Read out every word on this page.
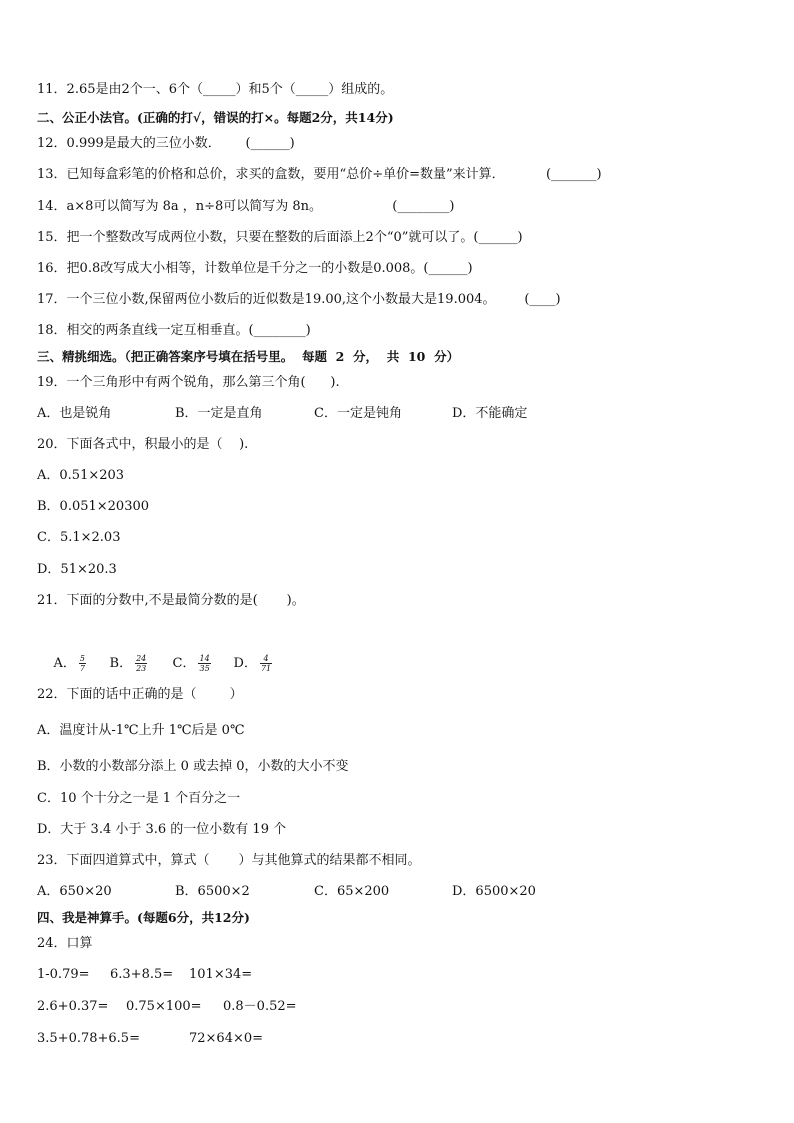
11．2.65是由2个一、6个（_____）和5个（_____）组成的。
二、公正小法官。(正确的打√，错误的打×。每题2分，共14分)
12．0.999是最大的三位小数．      (______)
13．已知每盒彩笔的价格和总价，求买的盒数，要用“总价÷单价=数量”来计算．          (_______)
14．a×8可以简写为 8a ，n÷8可以简写为 8n。                 (________)
15．把一个整数改写成两位小数，只要在整数的后面添上2个“0”就可以了。(______)
16．把0.8改写成大小相等，计数单位是千分之一的小数是0.008。(______)
17．一个三位小数,保留两位小数后的近似数是19.00,这个小数最大是19.004。       (____)
18．相交的两条直线一定互相垂直。(________)
三、精挑细选。（把正确答案序号填在括号里。  每题  2  分，  共  10  分）
19．一个三角形中有两个锐角，那么第三个角(      ).
A．也是锐角	B．一定是直角	C．一定是钝角	D．不能确定
20．下面各式中，积最小的是（    ).
A．0.51×203
B．0.051×20300
C．5.1×2.03
D．51×20.3
21．下面的分数中,不是最简分数的是(       )。

A． $\frac{5}{7}$

	B． $\frac{24}{23}$

	C． $\frac{14}{35}$

	D． $\frac{4}{71}$

22．下面的话中正确的是（        ）
A．温度计从-1℃上升 1℃后是 0℃
B．小数的小数部分添上 0 或去掉 0，小数的大小不变
C．10 个十分之一是 1 个百分之一
D．大于 3.4 小于 3.6 的一位小数有 19 个
23．下面四道算式中，算式（       ）与其他算式的结果都不相同。
A．650×20	B．6500×2	C．65×200	D．6500×20
四、我是神算手。(每题6分，共12分)
24．口算
1-0.79= 6.3+8.5= 101×34=
2.6+0.37= 0.75×100= 0.8－0.52=
3.5+0.78+6.5=	72×64×0=
